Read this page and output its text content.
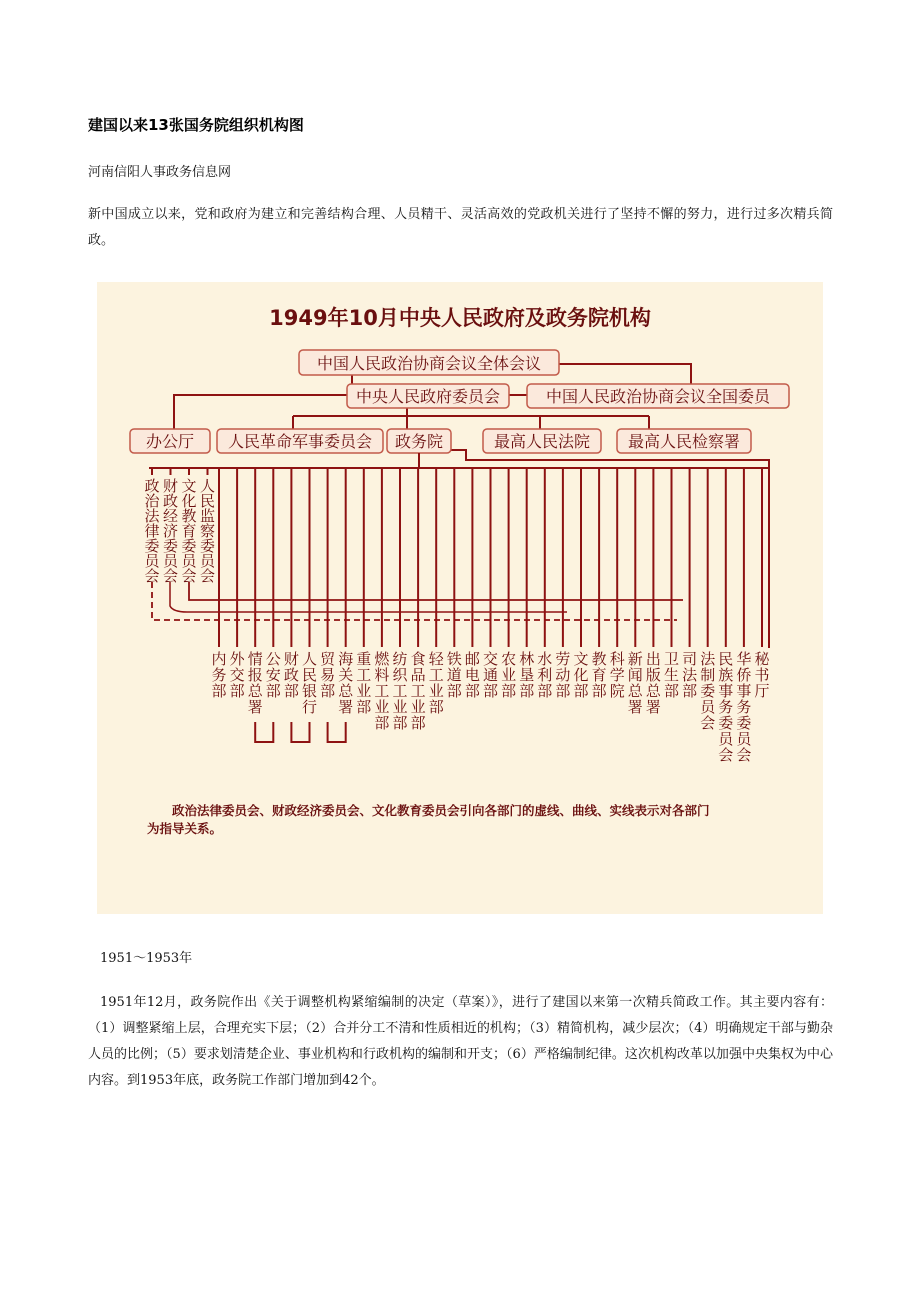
建国以来13张国务院组织机构图
河南信阳人事政务信息网
新中国成立以来，党和政府为建立和完善结构合理、人员精干、灵活高效的党政机关进行了坚持不懈的努力，进行过多次精兵简政。
1949年10月中央人民政府及政务院机构
中国人民政治协商会议全体会议
中央人民政府委员会	中国人民政治协商会议全国委员
办公厅 人民革命军事委员会 政务院	最高人民法院 最高人民检察署
政治法律委员会
财政经济委员会
文化教育委员会
人民监察委员会
内务部
外交部
情报总署
公安部
财政部
人民银行
贸易部
海关总署
重工业部
燃料工业部
纺织工业部
食品工业部
轻工业部
铁道部
邮电部
交通部
农业部
林垦部
水利部
劳动部
文化部
教育部
科学院
新闻总署
出版总署
卫生部
司法部
法制委员会
民族事务委员会
华侨事务委员会
秘书厅
政治法律委员会、财政经济委员会、文化教育委员会引向各部门的虚线、曲线、实线表示对各部门
为指导关系。
1951～1953年
1951年12月，政务院作出《关于调整机构紧缩编制的决定（草案）》，进行了建国以来第一次精兵简政工作。其主要内容有：（1）调整紧缩上层，合理充实下层；（2）合并分工不清和性质相近的机构；（3）精简机构，减少层次；（4）明确规定干部与勤杂人员的比例；（5）要求划清楚企业、事业机构和行政机构的编制和开支；（6）严格编制纪律。这次机构改革以加强中央集权为中心内容。到1953年底，政务院工作部门增加到42个。
